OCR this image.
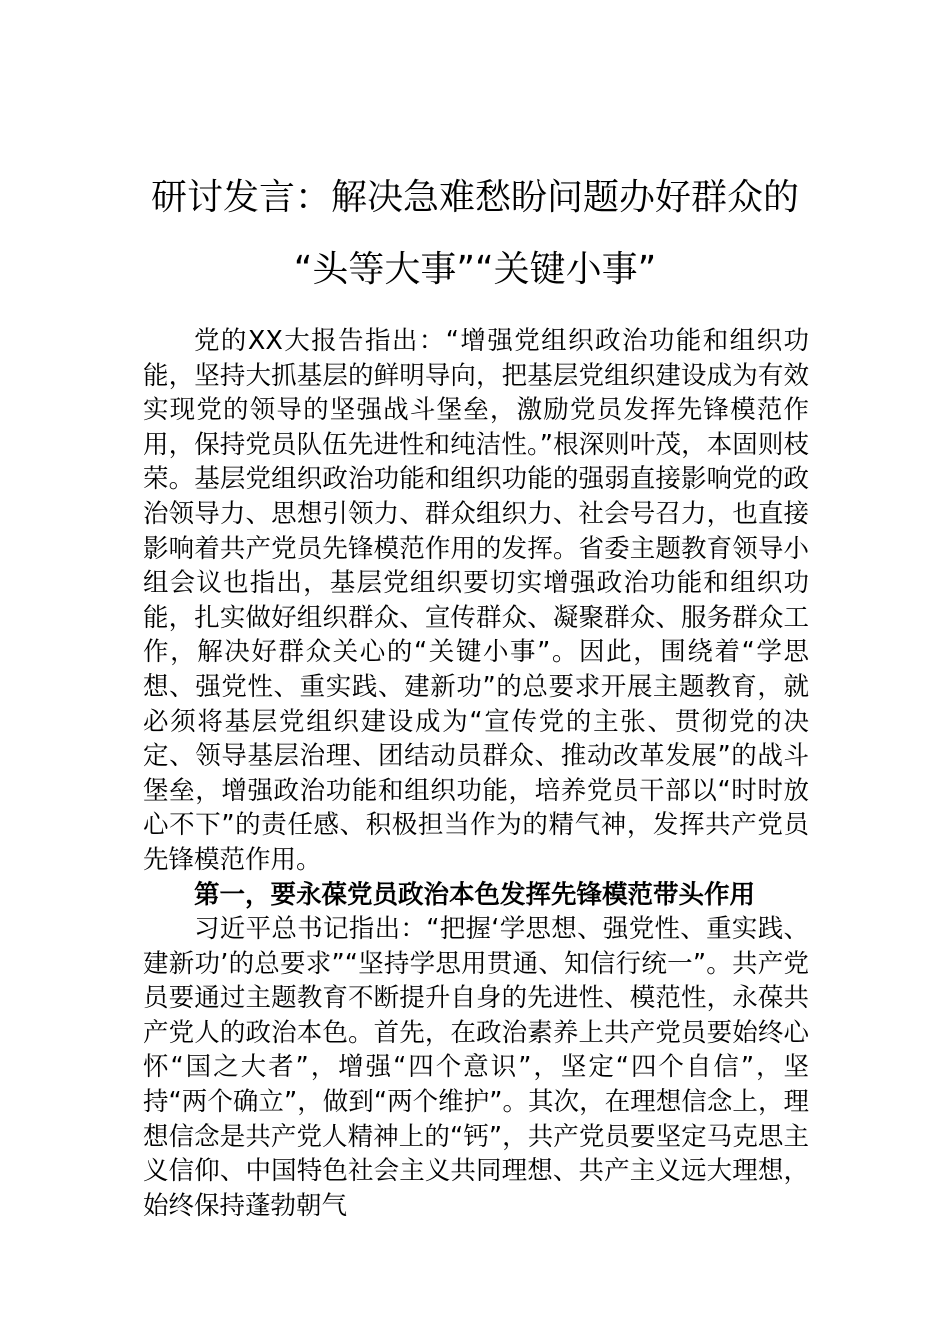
研讨发言：解决急难愁盼问题办好群众的
“头等大事”“关键小事”

党的XX大报告指出：“增强党组织政治功能和组织功能，坚持大抓基层的鲜明导向，把基层党组织建设成为有效实现党的领导的坚强战斗堡垒，激励党员发挥先锋模范作用，保持党员队伍先进性和纯洁性。”根深则叶茂，本固则枝荣。基层党组织政治功能和组织功能的强弱直接影响党的政治领导力、思想引领力、群众组织力、社会号召力，也直接影响着共产党员先锋模范作用的发挥。省委主题教育领导小组会议也指出，基层党组织要切实增强政治功能和组织功能，扎实做好组织群众、宣传群众、凝聚群众、服务群众工作，解决好群众关心的“关键小事”。因此，围绕着“学思想、强党性、重实践、建新功”的总要求开展主题教育，就必须将基层党组织建设成为“宣传党的主张、贯彻党的决定、领导基层治理、团结动员群众、推动改革发展”的战斗堡垒，增强政治功能和组织功能，培养党员干部以“时时放心不下”的责任感、积极担当作为的精气神，发挥共产党员先锋模范作用。

第一，要永葆党员政治本色发挥先锋模范带头作用

习近平总书记指出：“把握‘学思想、强党性、重实践、建新功’的总要求”“坚持学思用贯通、知信行统一”。共产党员要通过主题教育不断提升自身的先进性、模范性，永葆共产党人的政治本色。首先，在政治素养上共产党员要始终心怀“国之大者”，增强“四个意识”，坚定“四个自信”，坚持“两个确立”，做到“两个维护”。其次，在理想信念上，理想信念是共产党人精神上的“钙”，共产党员要坚定马克思主义信仰、中国特色社会主义共同理想、共产主义远大理想，始终保持蓬勃朝气
